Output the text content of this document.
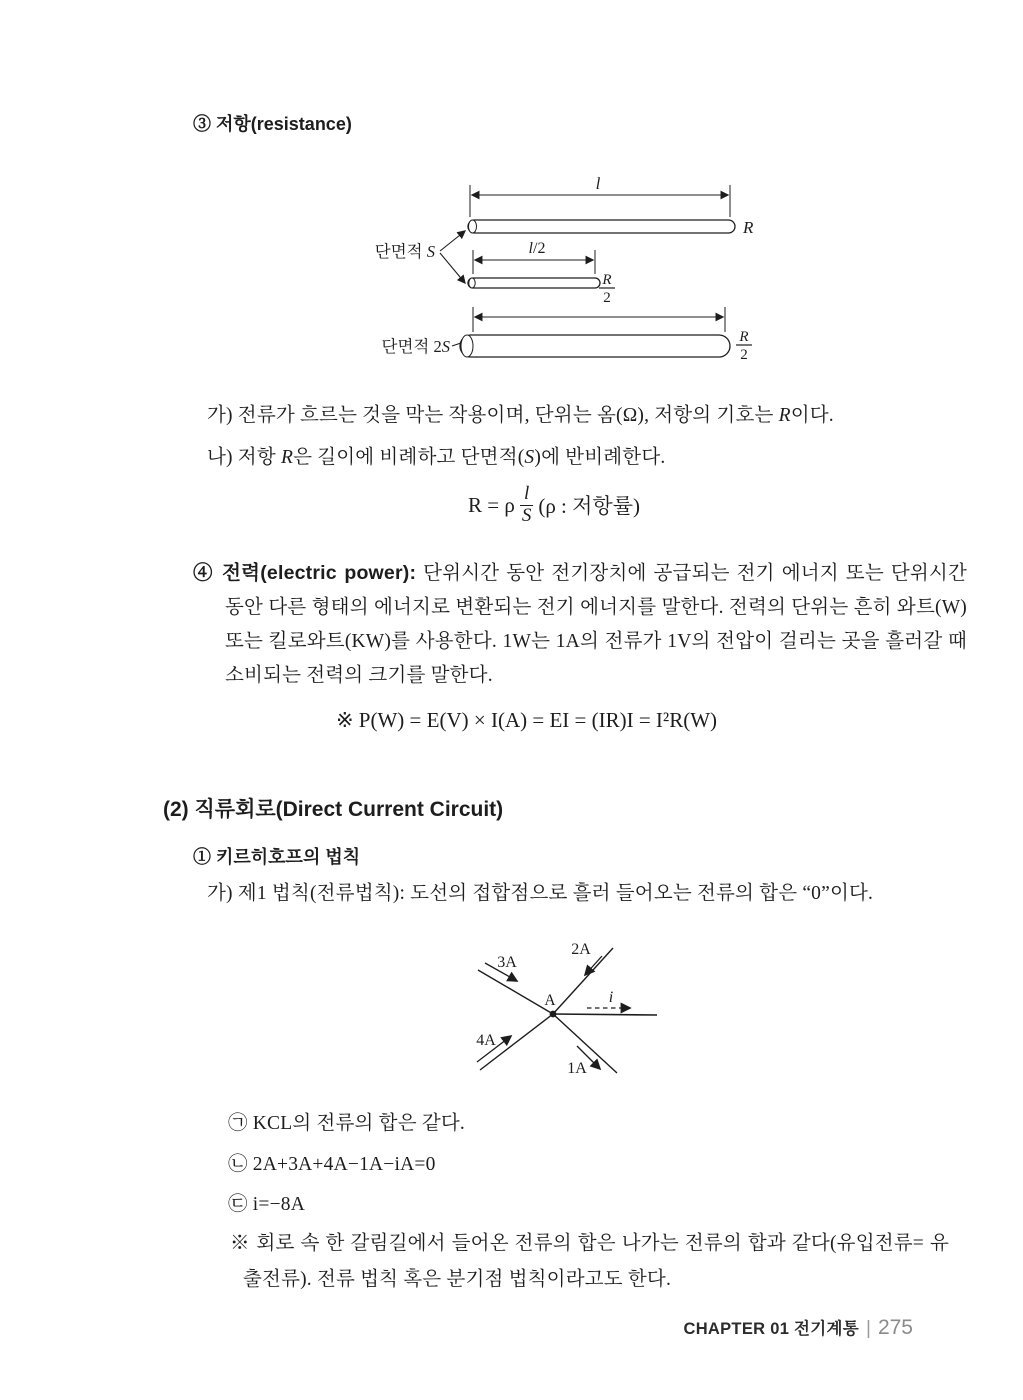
③ 저항(resistance)
l
R
단면적 S	l/2
R
2
단면적 2S	R
2
가) 전류가 흐르는 것을 막는 작용이며, 단위는 옴(Ω), 저항의 기호는 R이다.
나) 저항 R은 길이에 비례하고 단면적(S)에 반비례한다.
R = ρ $\frac{l}{S} (\rho$ : 저항률)
④ 전력(electric power): 단위시간 동안 전기장치에 공급되는 전기 에너지 또는 단위시간 동안 다른 형태의 에너지로 변환되는 전기 에너지를 말한다. 전력의 단위는 흔히 와트(W) 또는 킬로와트(KW)를 사용한다. 1W는 1A의 전류가 1V의 전압이 걸리는 곳을 흘러갈 때 소비되는 전력의 크기를 말한다.
※ P(W) = E(V) × I(A) = EI = (IR)I = I²R(W)
(2) 직류회로(Direct Current Circuit)
① 키르히호프의 법칙
가) 제1 법칙(전류법칙): 도선의 접합점으로 흘러 들어오는 전류의 합은 “0”이다.
3A
2A
4A
1A
A	i
㉠ KCL의 전류의 합은 같다.
㉡ 2A+3A+4A−1A−iA=0
㉢ i=−8A
※ 회로 속 한 갈림길에서 들어온 전류의 합은 나가는 전류의 합과 같다(유입전류= 유출전류). 전류 법칙 혹은 분기점 법칙이라고도 한다.
CHAPTER 01 전기계통 | 275
